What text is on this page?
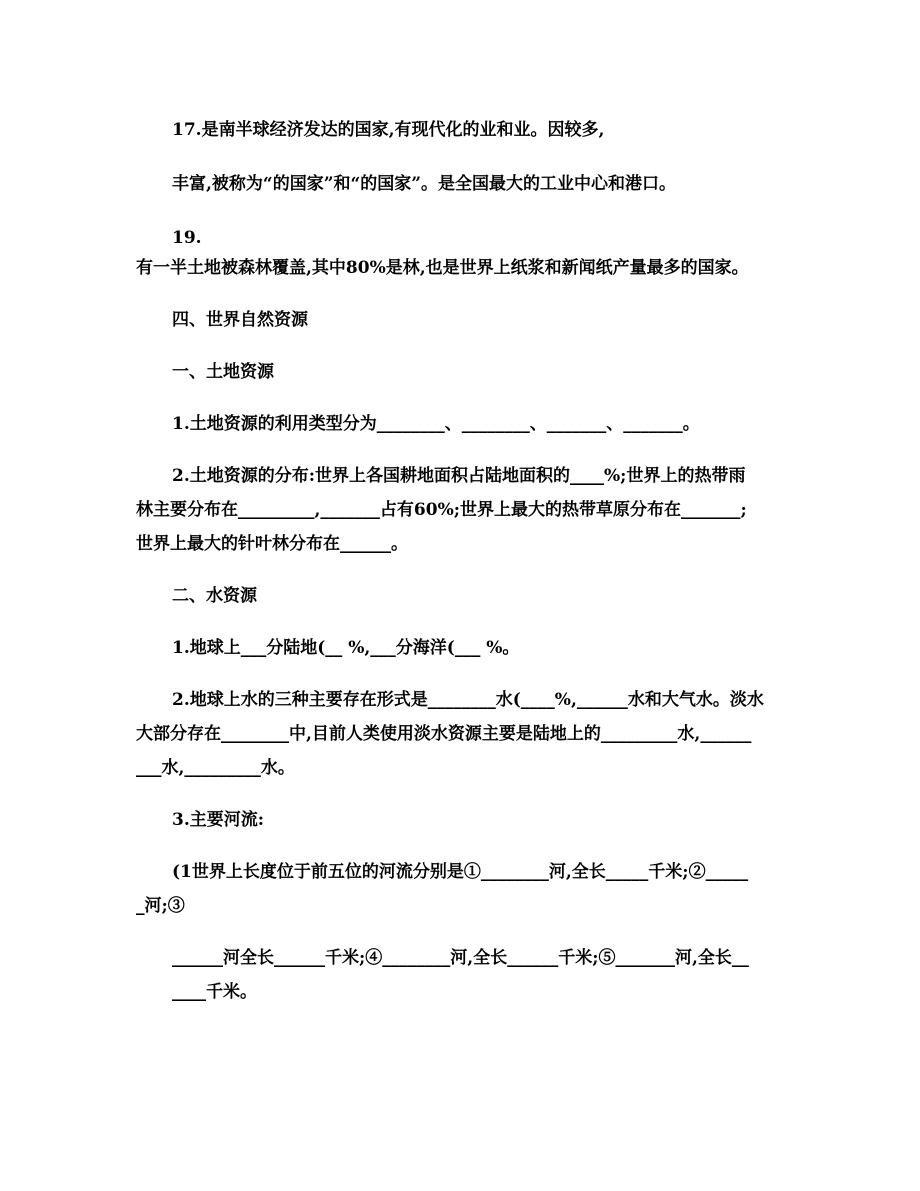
17.是南半球经济发达的国家,有现代化的业和业。因较多,
丰富,被称为“的国家”和“的国家”。是全国最大的工业中心和港口。
19.
有一半土地被森林覆盖,其中80%是林,也是世界上纸浆和新闻纸产量最多的国家。
四、世界自然资源
一、土地资源
1.土地资源的利用类型分为________、________、_______、_______。
2.土地资源的分布:世界上各国耕地面积占陆地面积的____%;世界上的热带雨
林主要分布在_________,_______占有60%;世界上最大的热带草原分布在_______;
世界上最大的针叶林分布在______。
二、水资源
1.地球上___分陆地(__ %,___分海洋(___ %。
2.地球上水的三种主要存在形式是________水(____%,______水和大气水。淡水
大部分存在________中,目前人类使用淡水资源主要是陆地上的_________水,______
___水,_________水。
3.主要河流:
(1世界上长度位于前五位的河流分别是①________河,全长_____千米;②_____
_河;③
______河全长______千米;④________河,全长______千米;⑤_______河,全长__
____千米。
